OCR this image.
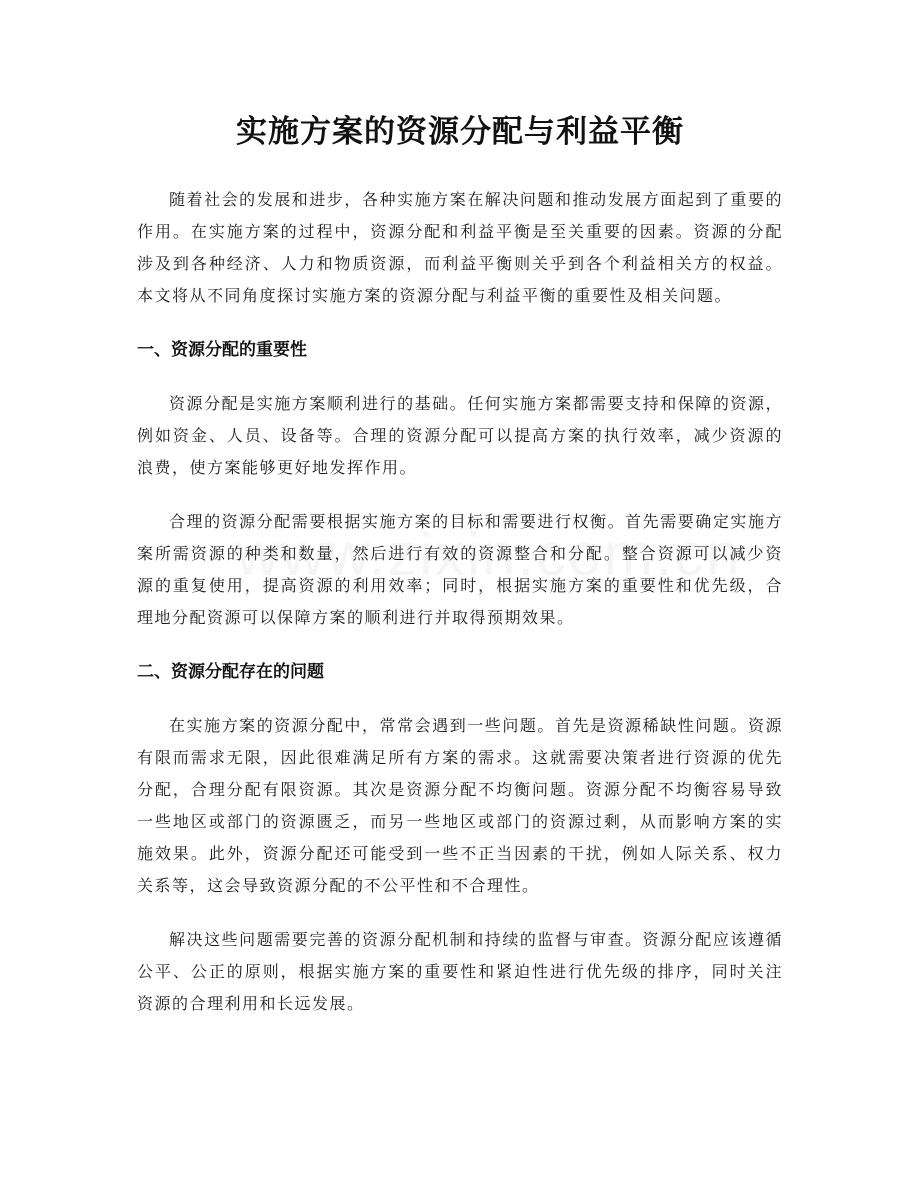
实施方案的资源分配与利益平衡

随着社会的发展和进步，各种实施方案在解决问题和推动发展方面起到了重要的作用。在实施方案的过程中，资源分配和利益平衡是至关重要的因素。资源的分配涉及到各种经济、人力和物质资源，而利益平衡则关乎到各个利益相关方的权益。本文将从不同角度探讨实施方案的资源分配与利益平衡的重要性及相关问题。

一、资源分配的重要性

资源分配是实施方案顺利进行的基础。任何实施方案都需要支持和保障的资源，例如资金、人员、设备等。合理的资源分配可以提高方案的执行效率，减少资源的浪费，使方案能够更好地发挥作用。

合理的资源分配需要根据实施方案的目标和需要进行权衡。首先需要确定实施方案所需资源的种类和数量，然后进行有效的资源整合和分配。整合资源可以减少资源的重复使用，提高资源的利用效率；同时，根据实施方案的重要性和优先级，合理地分配资源可以保障方案的顺利进行并取得预期效果。

二、资源分配存在的问题

在实施方案的资源分配中，常常会遇到一些问题。首先是资源稀缺性问题。资源有限而需求无限，因此很难满足所有方案的需求。这就需要决策者进行资源的优先分配，合理分配有限资源。其次是资源分配不均衡问题。资源分配不均衡容易导致一些地区或部门的资源匮乏，而另一些地区或部门的资源过剩，从而影响方案的实施效果。此外，资源分配还可能受到一些不正当因素的干扰，例如人际关系、权力关系等，这会导致资源分配的不公平性和不合理性。

解决这些问题需要完善的资源分配机制和持续的监督与审查。资源分配应该遵循公平、公正的原则，根据实施方案的重要性和紧迫性进行优先级的排序，同时关注资源的合理利用和长远发展。
